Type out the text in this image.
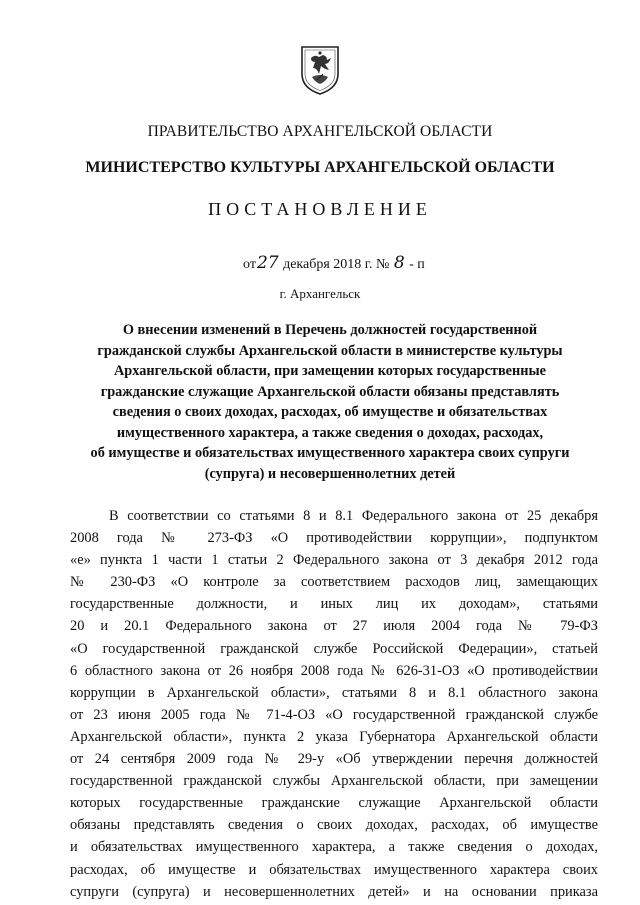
ПРАВИТЕЛЬСТВО АРХАНГЕЛЬСКОЙ ОБЛАСТИ
МИНИСТЕРСТВО КУЛЬТУРЫ АРХАНГЕЛЬСКОЙ ОБЛАСТИ
ПОСТАНОВЛЕНИЕ
от27 декабря 2018 г. № 8 - п
г. Архангельск
О внесении изменений в Перечень должностей государственной
гражданской службы Архангельской области в министерстве культуры
Архангельской области, при замещении которых государственные
гражданские служащие Архангельской области обязаны представлять
сведения о своих доходах, расходах, об имуществе и обязательствах
имущественного характера, а также сведения о доходах, расходах,
об имуществе и обязательствах имущественного характера своих супруги
(супруга) и несовершеннолетних детей
В соответствии со статьями 8 и 8.1 Федерального закона от 25 декабря
2008 года № 273-ФЗ «О противодействии коррупции», подпунктом
«е» пункта 1 части 1 статьи 2 Федерального закона от 3 декабря 2012 года
№ 230-ФЗ «О контроле за соответствием расходов лиц, замещающих
государственные должности, и иных лиц их доходам», статьями
20 и 20.1 Федерального закона от 27 июля 2004 года № 79-ФЗ
«О государственной гражданской службе Российской Федерации», статьей
6 областного закона от 26 ноября 2008 года № 626-31-ОЗ «О противодействии
коррупции в Архангельской области», статьями 8 и 8.1 областного закона
от 23 июня 2005 года № 71-4-ОЗ «О государственной гражданской службе
Архангельской области», пункта 2 указа Губернатора Архангельской области
от 24 сентября 2009 года № 29-у «Об утверждении перечня должностей
государственной гражданской службы Архангельской области, при замещении
которых государственные гражданские служащие Архангельской области
обязаны представлять сведения о своих доходах, расходах, об имуществе
и обязательствах имущественного характера, а также сведения о доходах,
расходах, об имуществе и обязательствах имущественного характера своих
супруги (супруга) и несовершеннолетних детей» и на основании приказа
